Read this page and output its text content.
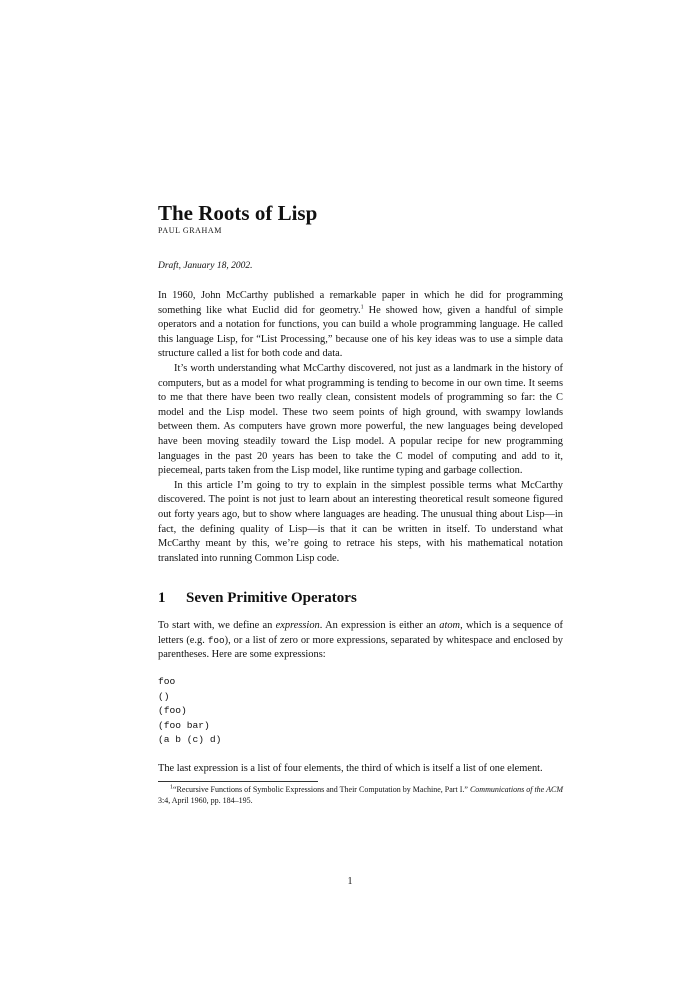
The Roots of Lisp
PAUL GRAHAM
Draft, January 18, 2002.

In 1960, John McCarthy published a remarkable paper in which he did for programming something like what Euclid did for geometry.$^1$ He showed how, given a handful of simple operators and a notation for functions, you can build a whole programming language. He called this language Lisp, for “List Processing,” because one of his key ideas was to use a simple data structure called a list for both code and data.

It’s worth understanding what McCarthy discovered, not just as a landmark in the history of computers, but as a model for what programming is tending to become in our own time. It seems to me that there have been two really clean, consistent models of programming so far: the C model and the Lisp model. These two seem points of high ground, with swampy lowlands between them. As computers have grown more powerful, the new languages being developed have been moving steadily toward the Lisp model. A popular recipe for new programming languages in the past 20 years has been to take the C model of computing and add to it, piecemeal, parts taken from the Lisp model, like runtime typing and garbage collection.

In this article I’m going to try to explain in the simplest possible terms what McCarthy discovered. The point is not just to learn about an interesting theoretical result someone figured out forty years ago, but to show where languages are heading. The unusual thing about Lisp—in fact, the defining quality of Lisp—is that it can be written in itself. To understand what McCarthy meant by this, we’re going to retrace his steps, with his mathematical notation translated into running Common Lisp code.

1	Seven Primitive Operators

To start with, we define an expression. An expression is either an atom, which is a sequence of letters (e.g. foo), or a list of zero or more expressions, separated by whitespace and enclosed by parentheses. Here are some expressions:

foo
()
(foo)
(foo bar)
(a b (c) d)

The last expression is a list of four elements, the third of which is itself a list of one element.

$^1$“Recursive Functions of Symbolic Expressions and Their Computation by Machine, Part I.” Communications of the ACM 3:4, April 1960, pp. 184–195.
1
